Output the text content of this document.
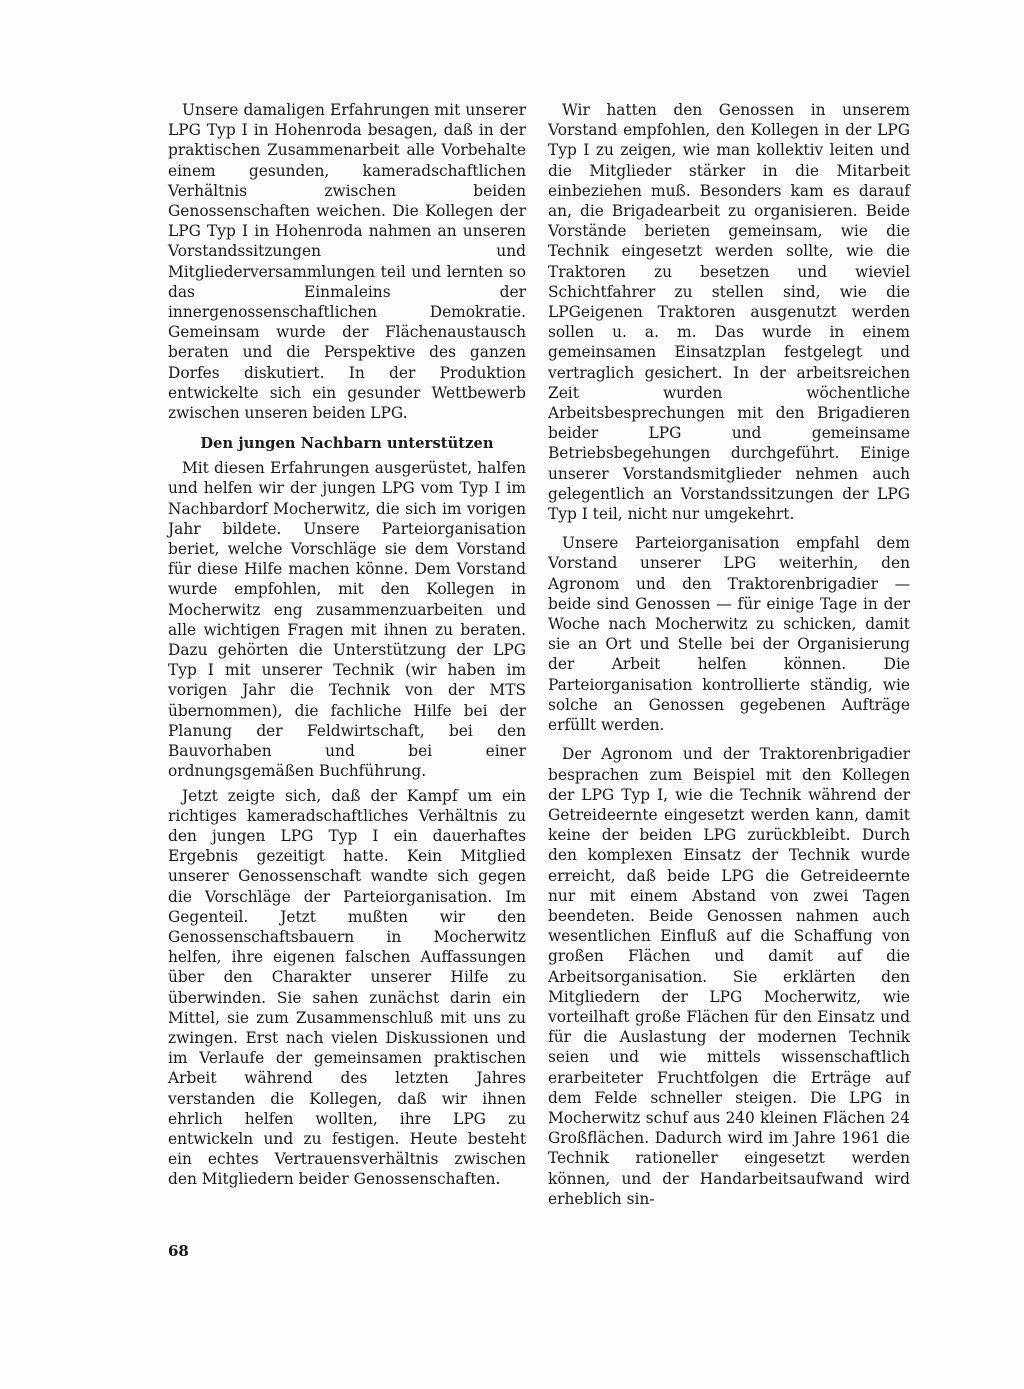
Unsere damaligen Erfahrungen mit unserer LPG Typ I in Hohenroda besagen, daß in der praktischen Zusammenarbeit alle Vorbehalte einem gesunden, kameradschaftlichen Verhältnis zwischen beiden Genossenschaften weichen. Die Kollegen der LPG Typ I in Hohenroda nahmen an unseren Vorstandssitzungen und Mitgliederversammlungen teil und lernten so das Einmaleins der innergenossenschaftlichen Demokratie. Gemeinsam wurde der Flächenaustausch beraten und die Perspektive des ganzen Dorfes diskutiert. In der Produktion entwickelte sich ein gesunder Wettbewerb zwischen unseren beiden LPG.

Den jungen Nachbarn unterstützen

Mit diesen Erfahrungen ausgerüstet, halfen und helfen wir der jungen LPG vom Typ I im Nachbardorf Mocherwitz, die sich im vorigen Jahr bildete. Unsere Parteiorganisation beriet, welche Vorschläge sie dem Vorstand für diese Hilfe machen könne. Dem Vorstand wurde empfohlen, mit den Kollegen in Mocherwitz eng zusammenzuarbeiten und alle wichtigen Fragen mit ihnen zu beraten. Dazu gehörten die Unterstützung der LPG Typ I mit unserer Technik (wir haben im vorigen Jahr die Technik von der MTS übernommen), die fachliche Hilfe bei der Planung der Feldwirtschaft, bei den Bauvorhaben und bei einer ordnungsgemäßen Buchführung.

Jetzt zeigte sich, daß der Kampf um ein richtiges kameradschaftliches Verhältnis zu den jungen LPG Typ I ein dauerhaftes Ergebnis gezeitigt hatte. Kein Mitglied unserer Genossenschaft wandte sich gegen die Vorschläge der Parteiorganisation. Im Gegenteil. Jetzt mußten wir den Genossenschaftsbauern in Mocherwitz helfen, ihre eigenen falschen Auffassungen über den Charakter unserer Hilfe zu überwinden. Sie sahen zunächst darin ein Mittel, sie zum Zusammenschluß mit uns zu zwingen. Erst nach vielen Diskussionen und im Verlaufe der gemeinsamen praktischen Arbeit während des letzten Jahres verstanden die Kollegen, daß wir ihnen ehrlich helfen wollten, ihre LPG zu entwickeln und zu festigen. Heute besteht ein echtes Vertrauensverhältnis zwischen den Mitgliedern beider Genossenschaften.

Wir hatten den Genossen in unserem Vorstand empfohlen, den Kollegen in der LPG Typ I zu zeigen, wie man kollektiv leiten und die Mitglieder stärker in die Mitarbeit einbeziehen muß. Besonders kam es darauf an, die Brigadearbeit zu organisieren. Beide Vorstände berieten gemeinsam, wie die Technik eingesetzt werden sollte, wie die Traktoren zu besetzen und wieviel Schichtfahrer zu stellen sind, wie die LPGeigenen Traktoren ausgenutzt werden sollen u. a. m. Das wurde in einem gemeinsamen Einsatzplan festgelegt und vertraglich gesichert. In der arbeitsreichen Zeit wurden wöchentliche Arbeitsbesprechungen mit den Brigadieren beider LPG und gemeinsame Betriebsbegehungen durchgeführt. Einige unserer Vorstandsmitglieder nehmen auch gelegentlich an Vorstandssitzungen der LPG Typ I teil, nicht nur umgekehrt.

Unsere Parteiorganisation empfahl dem Vorstand unserer LPG weiterhin, den Agronom und den Traktorenbrigadier — beide sind Genossen — für einige Tage in der Woche nach Mocherwitz zu schicken, damit sie an Ort und Stelle bei der Organisierung der Arbeit helfen können. Die Parteiorganisation kontrollierte ständig, wie solche an Genossen gegebenen Aufträge erfüllt werden.

Der Agronom und der Traktorenbrigadier besprachen zum Beispiel mit den Kollegen der LPG Typ I, wie die Technik während der Getreideernte eingesetzt werden kann, damit keine der beiden LPG zurückbleibt. Durch den komplexen Einsatz der Technik wurde erreicht, daß beide LPG die Getreideernte nur mit einem Abstand von zwei Tagen beendeten. Beide Genossen nahmen auch wesentlichen Einfluß auf die Schaffung von großen Flächen und damit auf die Arbeitsorganisation. Sie erklärten den Mitgliedern der LPG Mocherwitz, wie vorteilhaft große Flächen für den Einsatz und für die Auslastung der modernen Technik seien und wie mittels wissenschaftlich erarbeiteter Fruchtfolgen die Erträge auf dem Felde schneller steigen. Die LPG in Mocherwitz schuf aus 240 kleinen Flächen 24 Großflächen. Dadurch wird im Jahre 1961 die Technik rationeller eingesetzt werden können, und der Handarbeitsaufwand wird erheblich sin-

68
